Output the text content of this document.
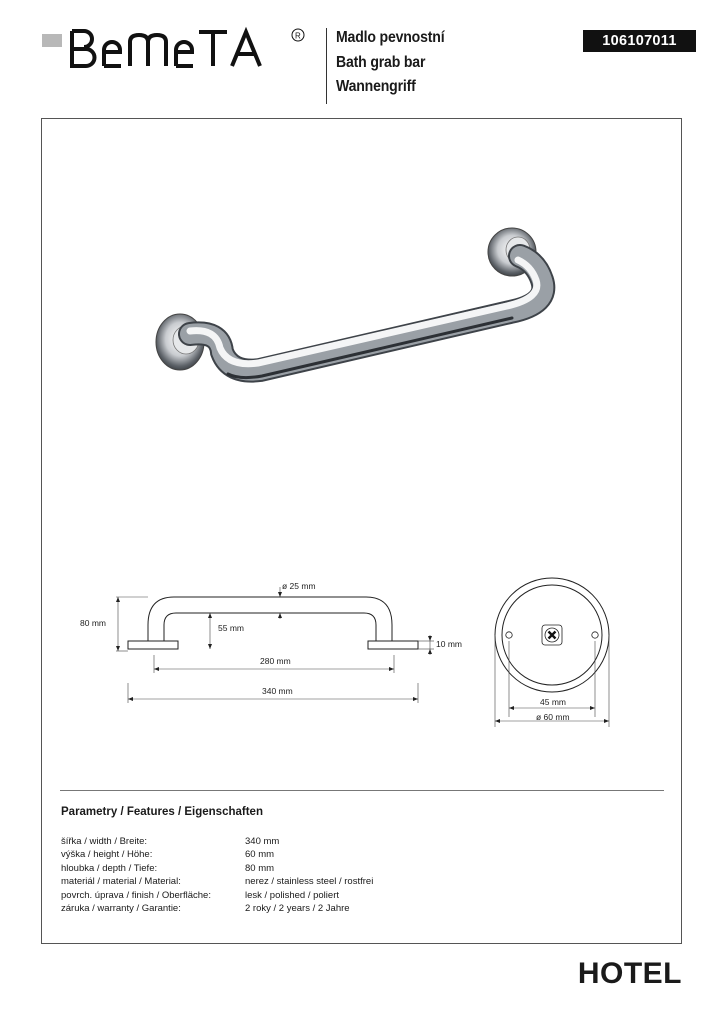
R Madlo pevnostní
Bath grab bar
Wannengriff
106107011
ø 25 mm
80 mm	55 mm
10 mm
280 mm
340 mm
45 mm
ø 60 mm
Parametry / Features / Eigenschaften
šířka / width / Breite:	340 mm
výška / height / Höhe:	60 mm
hloubka / depth / Tiefe:	80 mm
materiál / material / Material:	nerez / stainless steel / rostfrei
povrch. úprava / finish / Oberfläche:	lesk / polished / poliert
záruka / warranty / Garantie:	2 roky / 2 years / 2 Jahre
HOTEL
